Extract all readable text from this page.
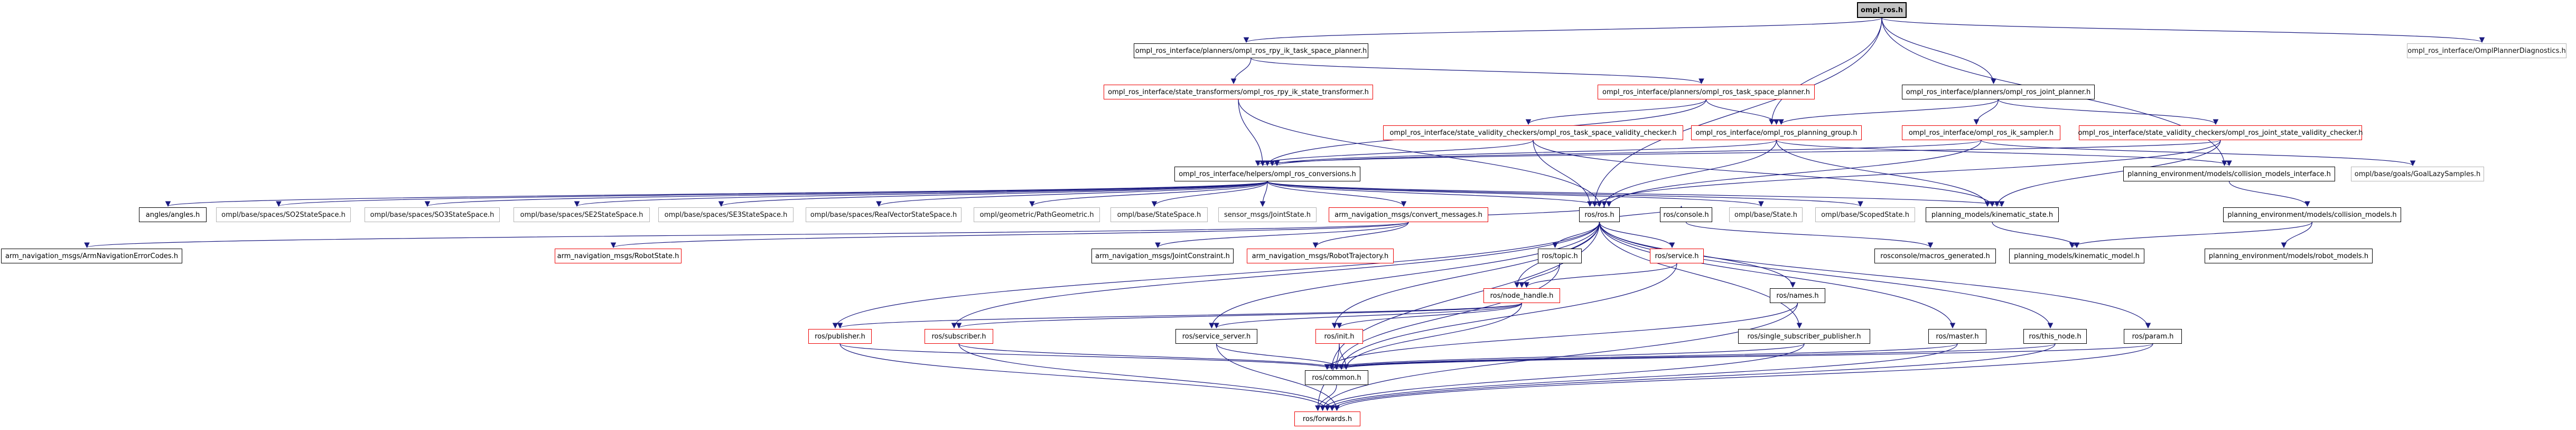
ompl_ros.h
ompl_ros_interface/planners/ompl_ros_rpy_ik_task_space_planner.h	ompl_ros_interface/OmplPlannerDiagnostics.h
ompl_ros_interface/state_transformers/ompl_ros_rpy_ik_state_transformer.h	ompl_ros_interface/planners/ompl_ros_task_space_planner.h	ompl_ros_interface/planners/ompl_ros_joint_planner.h
ompl_ros_interface/state_validity_checkers/ompl_ros_task_space_validity_checker.h	ompl_ros_interface/ompl_ros_planning_group.h	ompl_ros_interface/ompl_ros_ik_sampler.h	ompl_ros_interface/state_validity_checkers/ompl_ros_joint_state_validity_checker.h
ompl_ros_interface/helpers/ompl_ros_conversions.h	planning_environment/models/collision_models_interface.h	ompl/base/goals/GoalLazySamples.h
angles/angles.h	ompl/base/spaces/SO2StateSpace.h	ompl/base/spaces/SO3StateSpace.h	ompl/base/spaces/SE2StateSpace.h	ompl/base/spaces/SE3StateSpace.h	ompl/base/spaces/RealVectorStateSpace.h	ompl/geometric/PathGeometric.h	ompl/base/StateSpace.h	sensor_msgs/JointState.h	arm_navigation_msgs/convert_messages.h	ros/ros.h	ros/console.h	ompl/base/State.h	ompl/base/ScopedState.h	planning_models/kinematic_state.h	planning_environment/models/collision_models.h
arm_navigation_msgs/ArmNavigationErrorCodes.h	arm_navigation_msgs/RobotState.h	arm_navigation_msgs/JointConstraint.h	arm_navigation_msgs/RobotTrajectory.h	ros/topic.h	ros/service.h	rosconsole/macros_generated.h	planning_models/kinematic_model.h	planning_environment/models/robot_models.h
ros/node_handle.h	ros/names.h
ros/publisher.h	ros/subscriber.h	ros/service_server.h	ros/init.h	ros/single_subscriber_publisher.h	ros/master.h	ros/this_node.h	ros/param.h
ros/common.h
ros/forwards.h
